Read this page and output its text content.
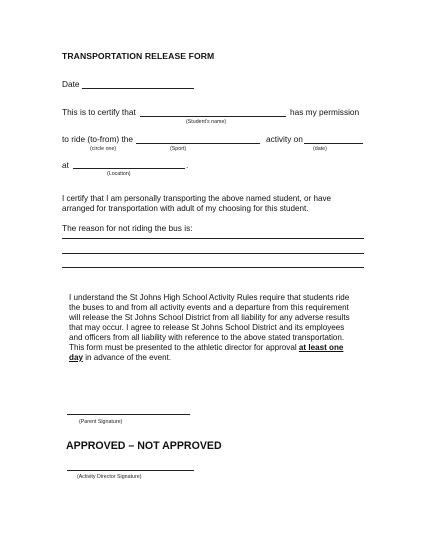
TRANSPORTATION RELEASE FORM
Date
This is to certify that	has my permission
(Student's name)
to ride (to-from) the	activity on
(circle one)	(Sport)	(date)
at	.
(Location)
I certify that I am personally transporting the above named student, or have
arranged for transportation with adult of my choosing for this student.
The reason for not riding the bus is:
I understand the St Johns High School Activity Rules require that students ride
the buses to and from all activity events and a departure from this requirement
will release the St Johns School District from all liability for any adverse results
that may occur. I agree to release St Johns School District and its employees
and officers from all liability with reference to the above stated transportation.
This form must be presented to the athletic director for approval at least one
day in advance of the event.
(Parent Signature)
APPROVED – NOT APPROVED
(Activity Director Signature)
